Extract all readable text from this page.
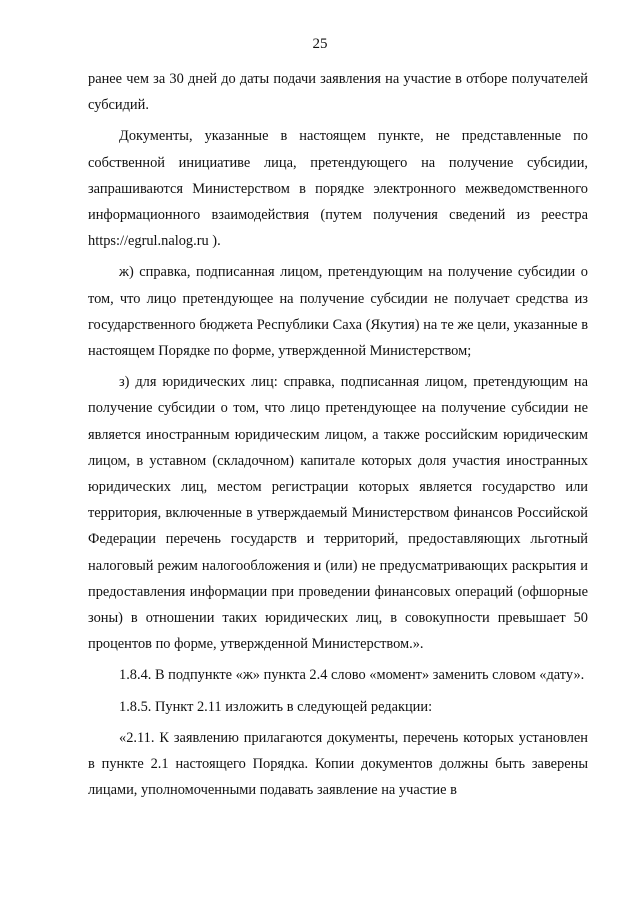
25

ранее чем за 30 дней до даты подачи заявления на участие в отборе получателей субсидий.

Документы, указанные в настоящем пункте, не представленные по собственной инициативе лица, претендующего на получение субсидии, запрашиваются Министерством в порядке электронного межведомственного информационного взаимодействия (путем получения сведений из реестра https://egrul.nalog.ru ).

ж) справка, подписанная лицом, претендующим на получение субсидии о том, что лицо претендующее на получение субсидии не получает средства из государственного бюджета Республики Саха (Якутия) на те же цели, указанные в настоящем Порядке по форме, утвержденной Министерством;

з) для юридических лиц: справка, подписанная лицом, претендующим на получение субсидии о том, что лицо претендующее на получение субсидии не является иностранным юридическим лицом, а также российским юридическим лицом, в уставном (складочном) капитале которых доля участия иностранных юридических лиц, местом регистрации которых является государство или территория, включенные в утверждаемый Министерством финансов Российской Федерации перечень государств и территорий, предоставляющих льготный налоговый режим налогообложения и (или) не предусматривающих раскрытия и предоставления информации при проведении финансовых операций (офшорные зоны) в отношении таких юридических лиц, в совокупности превышает 50 процентов по форме, утвержденной Министерством.».

1.8.4. В подпункте «ж» пункта 2.4 слово «момент» заменить словом «дату».

1.8.5. Пункт 2.11 изложить в следующей редакции:

«2.11. К заявлению прилагаются документы, перечень которых установлен в пункте 2.1 настоящего Порядка. Копии документов должны быть заверены лицами, уполномоченными подавать заявление на участие в
